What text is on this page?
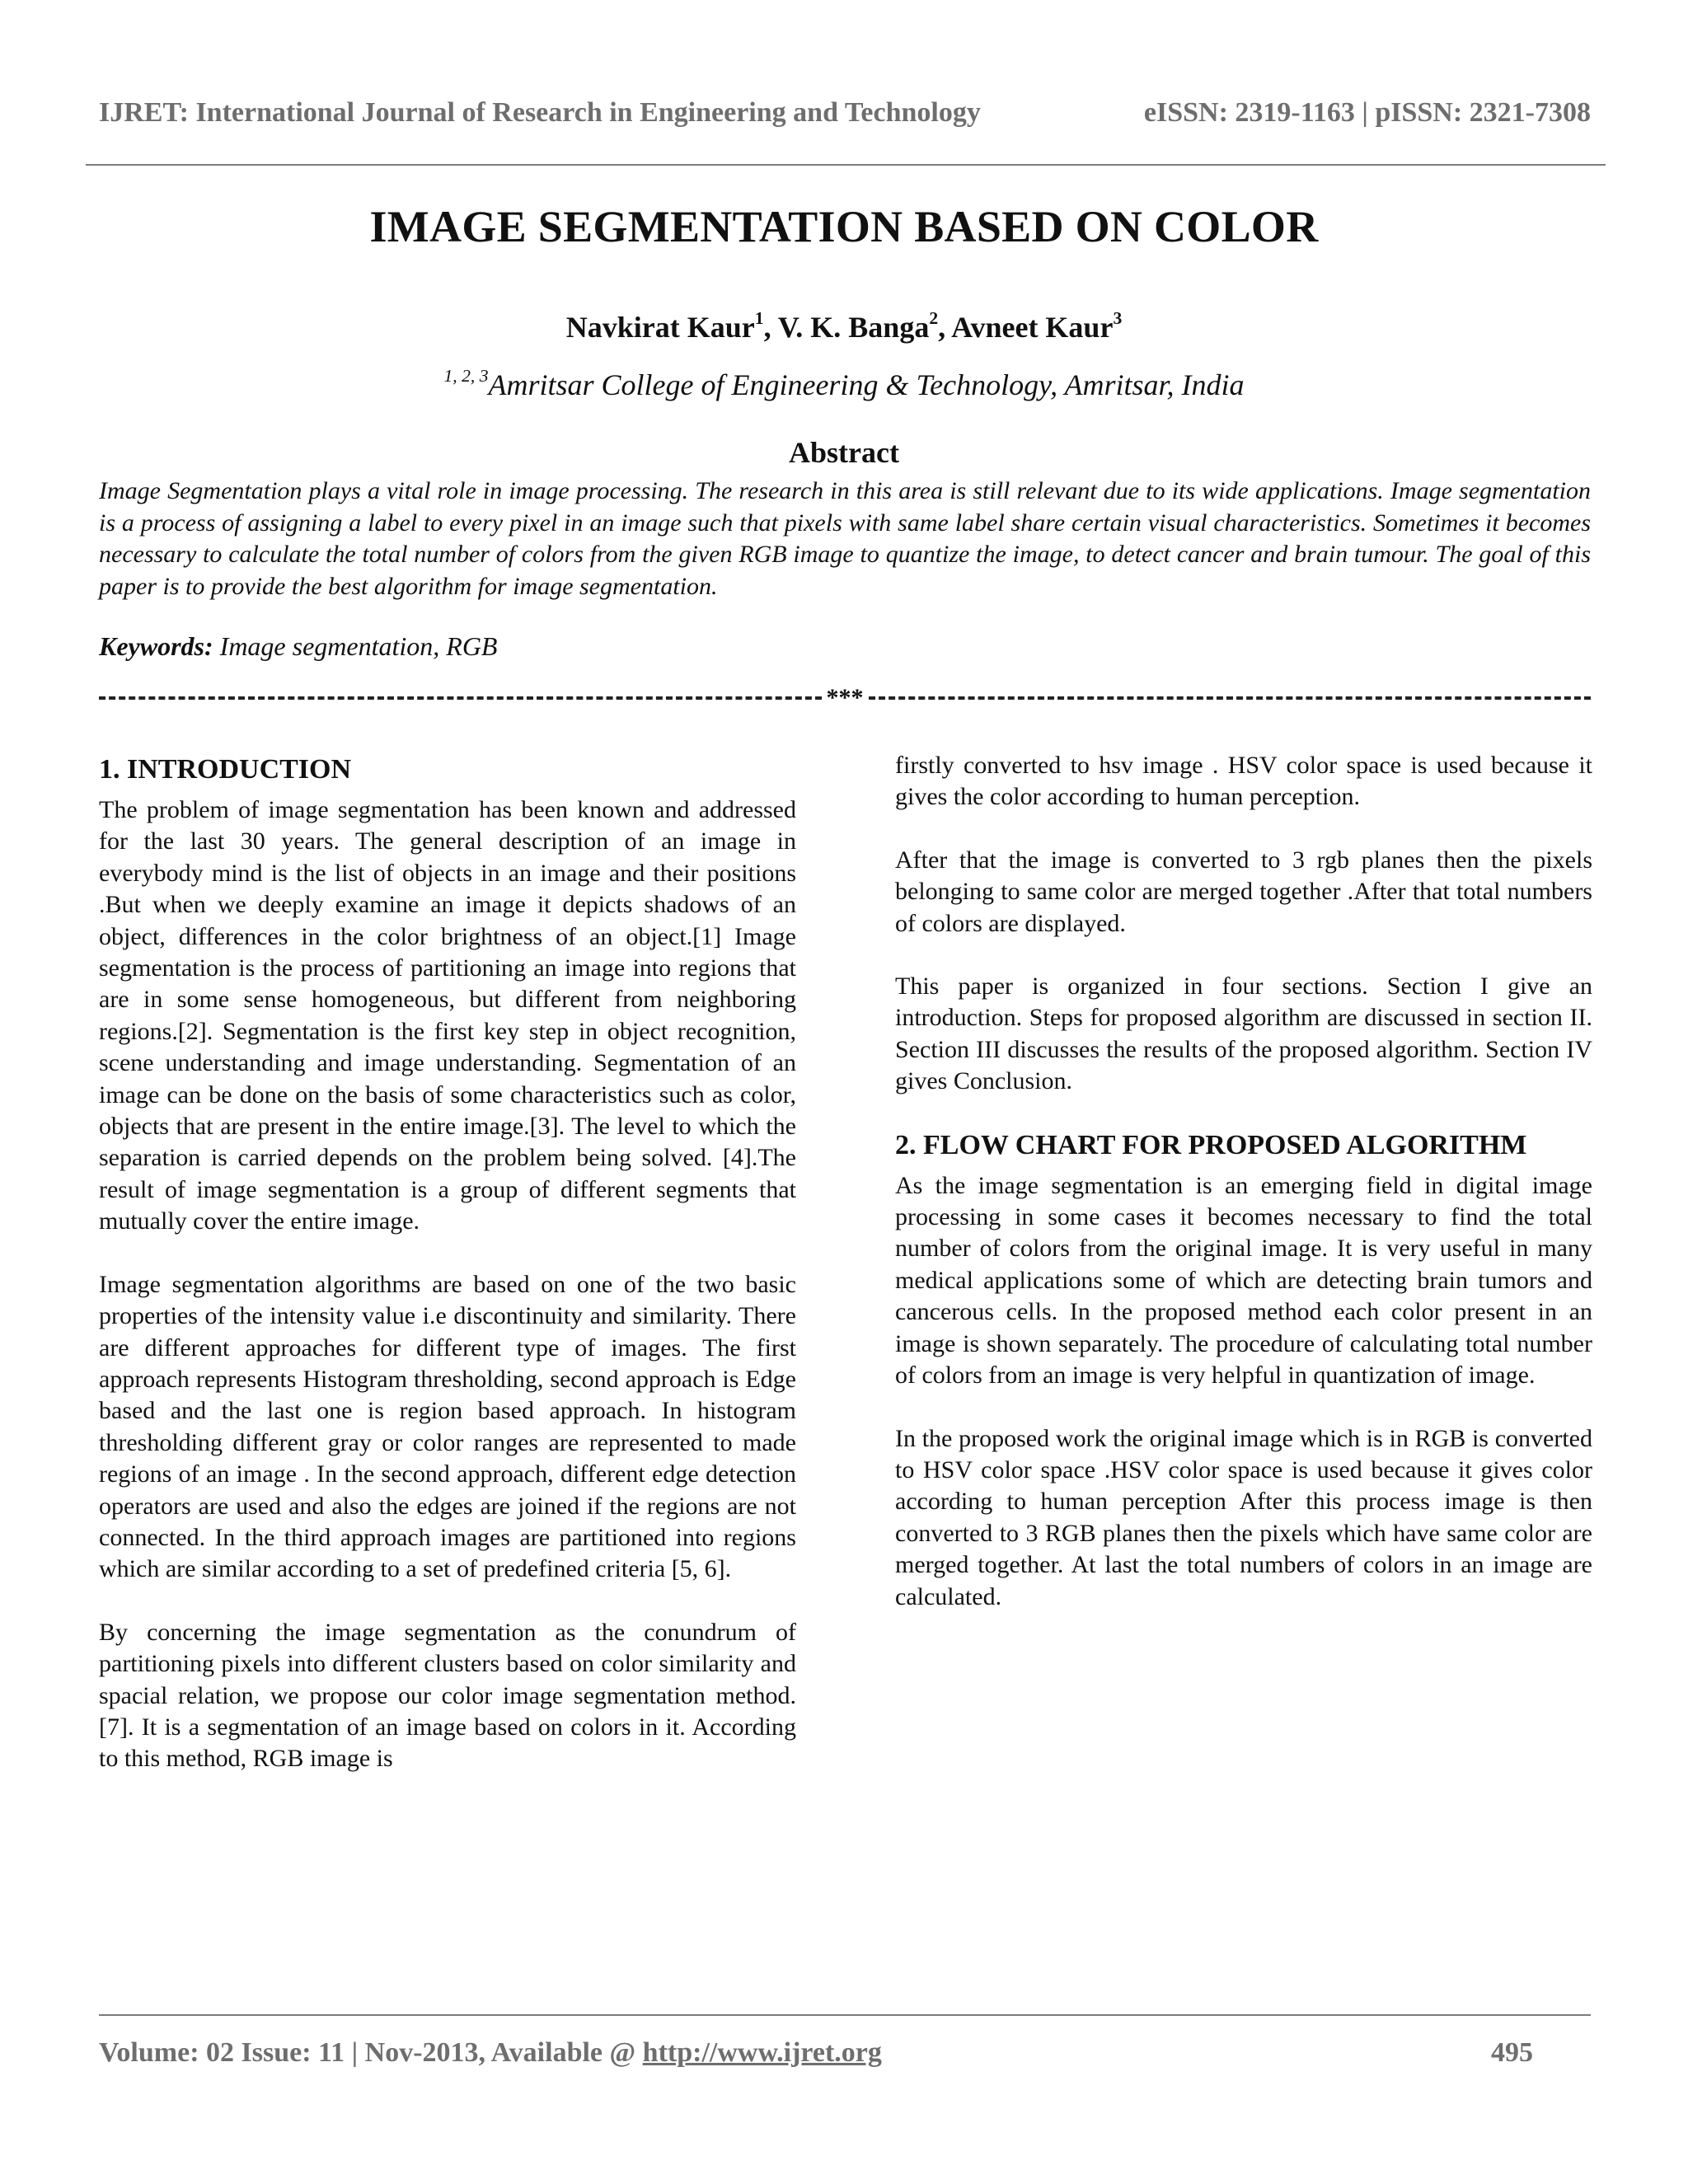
IJRET: International Journal of Research in Engineering and Technology	eISSN: 2319-1163 | pISSN: 2321-7308
IMAGE SEGMENTATION BASED ON COLOR
Navkirat Kaur$^1$, V. K. Banga$^2$, Avneet Kaur$^3$
$^{1, 2, 3}$Amritsar College of Engineering & Technology, Amritsar, India
Abstract

Image Segmentation plays a vital role in image processing. The research in this area is still relevant due to its wide applications. Image segmentation is a process of assigning a label to every pixel in an image such that pixels with same label share certain visual characteristics. Sometimes it becomes necessary to calculate the total number of colors from the given RGB image to quantize the image, to detect cancer and brain tumour. The goal of this paper is to provide the best algorithm for image segmentation.

Keywords: Image segmentation, RGB

***
1. INTRODUCTION

The problem of image segmentation has been known and addressed for the last 30 years. The general description of an image in everybody mind is the list of objects in an image and their positions .But when we deeply examine an image it depicts shadows of an object, differences in the color brightness of an object.[1] Image segmentation is the process of partitioning an image into regions that are in some sense homogeneous, but different from neighboring regions.[2]. Segmentation is the first key step in object recognition, scene understanding and image understanding. Segmentation of an image can be done on the basis of some characteristics such as color, objects that are present in the entire image.[3]. The level to which the separation is carried depends on the problem being solved. [4].The result of image segmentation is a group of different segments that mutually cover the entire image.

Image segmentation algorithms are based on one of the two basic properties of the intensity value i.e discontinuity and similarity. There are different approaches for different type of images. The first approach represents Histogram thresholding, second approach is Edge based and the last one is region based approach. In histogram thresholding different gray or color ranges are represented to made regions of an image . In the second approach, different edge detection operators are used and also the edges are joined if the regions are not connected. In the third approach images are partitioned into regions which are similar according to a set of predefined criteria [5, 6].

By concerning the image segmentation as the conundrum of partitioning pixels into different clusters based on color similarity and spacial relation, we propose our color image segmentation method.[7]. It is a segmentation of an image based on colors in it. According to this method, RGB image is

firstly converted to hsv image . HSV color space is used because it gives the color according to human perception.

After that the image is converted to 3 rgb planes then the pixels belonging to same color are merged together .After that total numbers of colors are displayed.

This paper is organized in four sections. Section I give an introduction. Steps for proposed algorithm are discussed in section II. Section III discusses the results of the proposed algorithm. Section IV gives Conclusion.

2. FLOW CHART FOR PROPOSED ALGORITHM

As the image segmentation is an emerging field in digital image processing in some cases it becomes necessary to find the total number of colors from the original image. It is very useful in many medical applications some of which are detecting brain tumors and cancerous cells. In the proposed method each color present in an image is shown separately. The procedure of calculating total number of colors from an image is very helpful in quantization of image.

In the proposed work the original image which is in RGB is converted to HSV color space .HSV color space is used because it gives color according to human perception After this process image is then converted to 3 RGB planes then the pixels which have same color are merged together. At last the total numbers of colors in an image are calculated.

Volume: 02 Issue: 11 | Nov-2013, Available @ http://www.ijret.org	495
